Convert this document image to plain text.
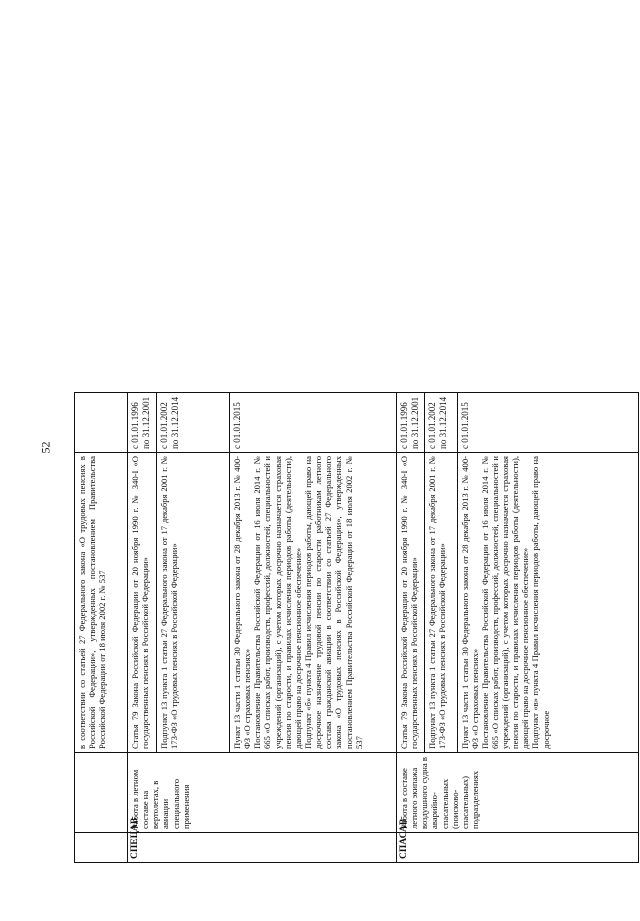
52

		в соответствии со статьей 27 Федерального закона «О трудовых пенсиях в Российской Федерации», утвержденных постановлением Правительства Российской Федерации от 18 июля 2002 г. № 537	

СПЕЦАВ	Работа в летном составе на вертолетах, в авиации специального применения	Статья 79 Закона Российской Федерации от 20 ноября 1990 г. № 340-I «О государственных пенсиях в Российской Федерации»	с 01.01.1996 по 31.12.2001

		Подпункт 13 пункта 1 статьи 27 Федерального закона от 17 декабря 2001 г. № 173-ФЗ «О трудовых пенсиях в Российской Федерации»	с 01.01.2002 по 31.12.2014

		Пункт 13 части 1 статьи 30 Федерального закона от 28 декабря 2013 г. № 400-ФЗ «О страховых пенсиях» Постановление Правительства Российской Федерации от 16 июля 2014 г. № 665 «О списках работ, производств, профессий, должностей, специальностей и учреждений (организаций), с учетом которых досрочно назначается страховая пенсия по старости, и правилах исчисления периодов работы (деятельности), дающей право на досрочное пенсионное обеспечение» Подпункт «б» пункта 4 Правил исчисления периодов работы, дающей право на досрочное назначение трудовой пенсии по старости работникам летного состава гражданской авиации в соответствии со статьей 27 Федерального закона «О трудовых пенсиях в Российской Федерации», утвержденных постановлением Правительства Российской Федерации от 18 июля 2002 г. № 537	с 01.01.2015

СПАСАВ	Работа в составе летного экипажа воздушного судна в аварийно-спасательных (поисково-спасательных) подразделениях	Статья 79 Закона Российской Федерации от 20 ноября 1990 г. № 340-I «О государственных пенсиях в Российской Федерации»	с 01.01.1996 по 31.12.2001

		Подпункт 13 пункта 1 статьи 27 Федерального закона от 17 декабря 2001 г. № 173-ФЗ «О трудовых пенсиях в Российской Федерации»	с 01.01.2002 по 31.12.2014

		Пункт 13 части 1 статьи 30 Федерального закона от 28 декабря 2013 г. № 400-ФЗ «О страховых пенсиях» Постановление Правительства Российской Федерации от 16 июля 2014 г. № 665 «О списках работ, производств, профессий, должностей, специальностей и учреждений (организаций), с учетом которых досрочно назначается страховая пенсия по старости, и правилах исчисления периодов работы (деятельности), дающей право на досрочное пенсионное обеспечение» Подпункт «в» пункта 4 Правил исчисления периодов работы, дающей право на досрочное	с 01.01.2015
